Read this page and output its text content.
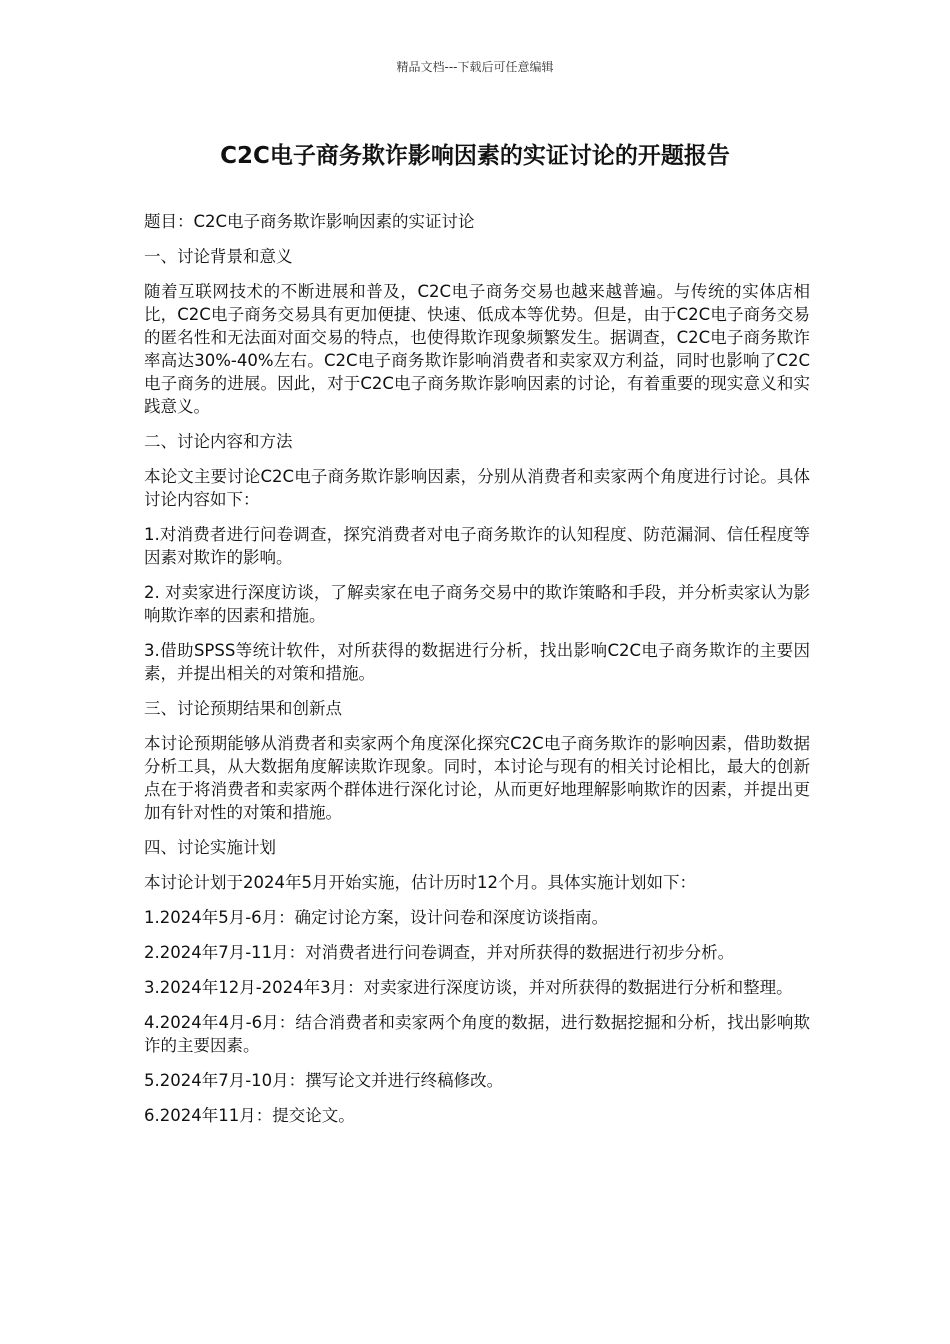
精品文档---下载后可任意编辑
C2C电子商务欺诈影响因素的实证讨论的开题报告

题目：C2C电子商务欺诈影响因素的实证讨论

一、讨论背景和意义

随着互联网技术的不断进展和普及，C2C电子商务交易也越来越普遍。与传统的实体店相比，C2C电子商务交易具有更加便捷、快速、低成本等优势。但是，由于C2C电子商务交易的匿名性和无法面对面交易的特点，也使得欺诈现象频繁发生。据调查，C2C电子商务欺诈率高达30%-40%左右。C2C电子商务欺诈影响消费者和卖家双方利益，同时也影响了C2C电子商务的进展。因此，对于C2C电子商务欺诈影响因素的讨论，有着重要的现实意义和实践意义。

二、讨论内容和方法

本论文主要讨论C2C电子商务欺诈影响因素，分别从消费者和卖家两个角度进行讨论。具体讨论内容如下：

1.对消费者进行问卷调查，探究消费者对电子商务欺诈的认知程度、防范漏洞、信任程度等因素对欺诈的影响。

2. 对卖家进行深度访谈，了解卖家在电子商务交易中的欺诈策略和手段，并分析卖家认为影响欺诈率的因素和措施。

3.借助SPSS等统计软件，对所获得的数据进行分析，找出影响C2C电子商务欺诈的主要因素，并提出相关的对策和措施。

三、讨论预期结果和创新点

本讨论预期能够从消费者和卖家两个角度深化探究C2C电子商务欺诈的影响因素，借助数据分析工具，从大数据角度解读欺诈现象。同时，本讨论与现有的相关讨论相比，最大的创新点在于将消费者和卖家两个群体进行深化讨论，从而更好地理解影响欺诈的因素，并提出更加有针对性的对策和措施。

四、讨论实施计划

本讨论计划于2024年5月开始实施，估计历时12个月。具体实施计划如下：

1.2024年5月-6月：确定讨论方案，设计问卷和深度访谈指南。

2.2024年7月-11月：对消费者进行问卷调查，并对所获得的数据进行初步分析。

3.2024年12月-2024年3月：对卖家进行深度访谈，并对所获得的数据进行分析和整理。

4.2024年4月-6月：结合消费者和卖家两个角度的数据，进行数据挖掘和分析，找出影响欺诈的主要因素。

5.2024年7月-10月：撰写论文并进行终稿修改。

6.2024年11月：提交论文。
